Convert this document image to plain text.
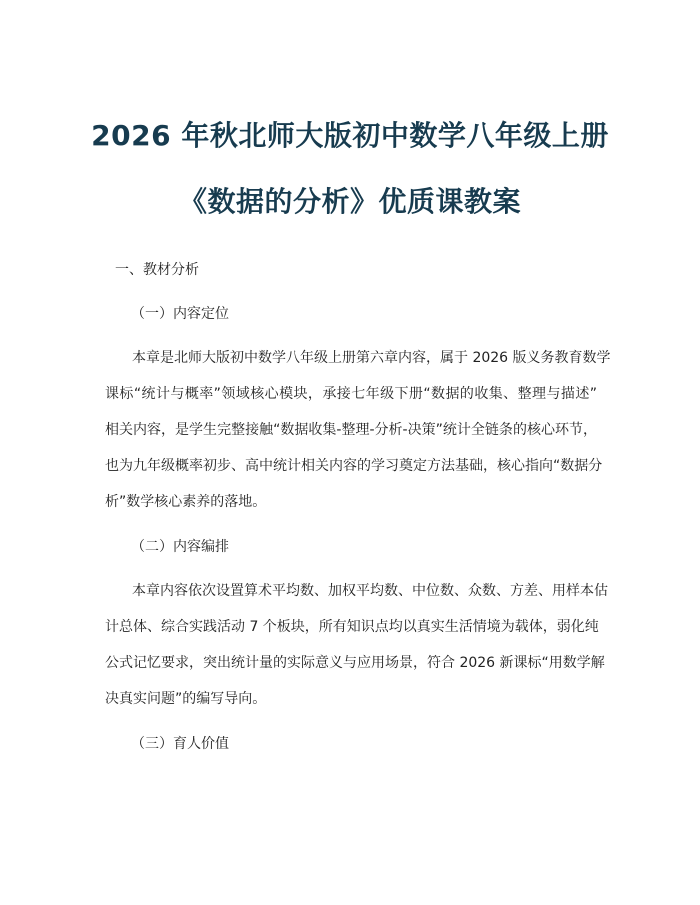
2026 年秋北师大版初中数学八年级上册
《数据的分析》优质课教案
一、教材分析
（一）内容定位
本章是北师大版初中数学八年级上册第六章内容，属于 2026 版义务教育数学
课标“统计与概率”领域核心模块，承接七年级下册“数据的收集、整理与描述”
相关内容，是学生完整接触“数据收集-整理-分析-决策”统计全链条的核心环节，
也为九年级概率初步、高中统计相关内容的学习奠定方法基础，核心指向“数据分
析”数学核心素养的落地。
（二）内容编排
本章内容依次设置算术平均数、加权平均数、中位数、众数、方差、用样本估
计总体、综合实践活动 7 个板块，所有知识点均以真实生活情境为载体，弱化纯
公式记忆要求，突出统计量的实际意义与应用场景，符合 2026 新课标“用数学解
决真实问题”的编写导向。
（三）育人价值
